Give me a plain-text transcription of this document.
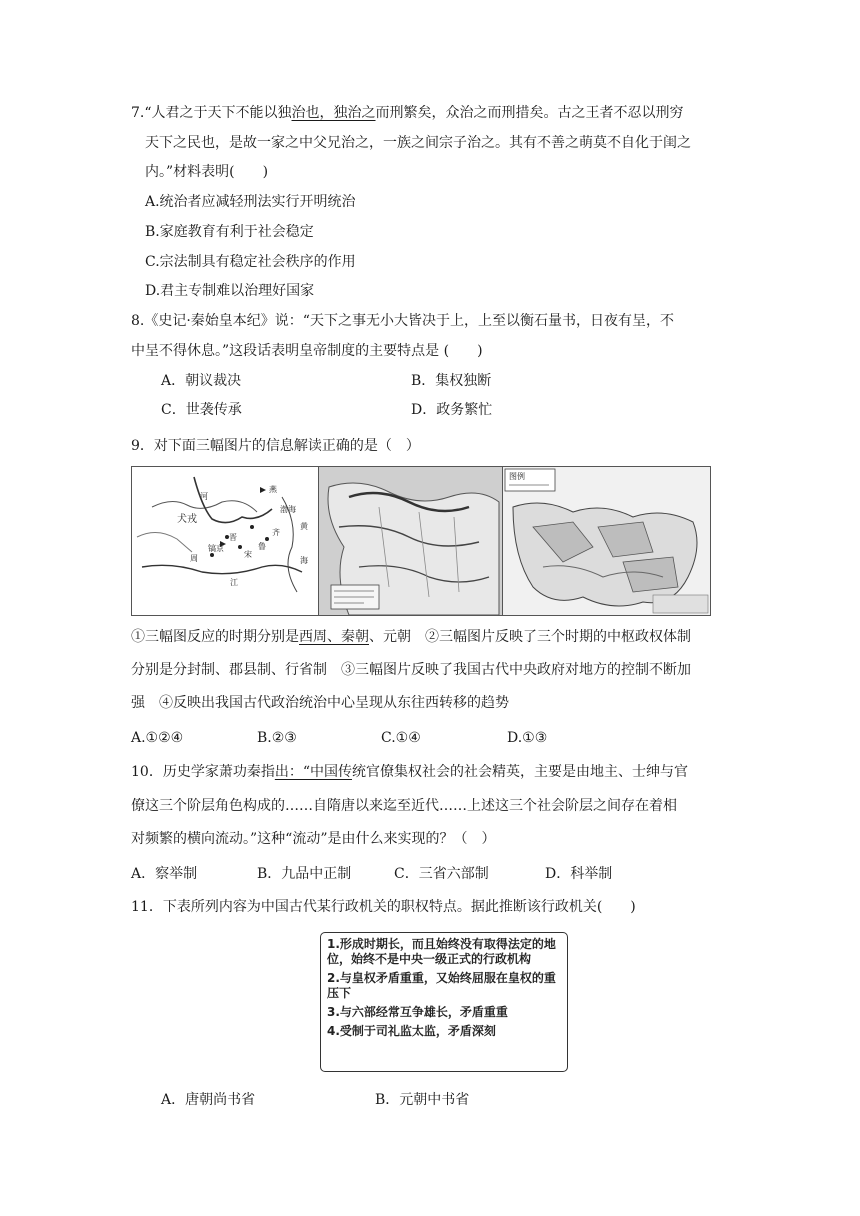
7.“人君之于天下不能以独治也，独治之而刑繁矣，众治之而刑措矣。古之王者不忍以刑穷
天下之民也，是故一家之中父兄治之，一族之间宗子治之。其有不善之萌莫不自化于闺之
内。”材料表明(　　)
A.统治者应减轻刑法实行开明统治
B.家庭教育有利于社会稳定
C.宗法制具有稳定社会秩序的作用
D.君主专制难以治理好国家
8.《史记·秦始皇本纪》说：“天下之事无小大皆决于上，上至以衡石量书，日夜有呈，不
中呈不得休息。”这段话表明皇帝制度的主要特点是 (　　)
A．朝议裁决	B．集权独断
C．世袭传承	D．政务繁忙
9．对下面三幅图片的信息解读正确的是（　）
燕
犬戎
晋
齐
鲁
宋
周
镐京
江
河
渤海
黄
海
图例
①三幅图反应的时期分别是西周、秦朝、元朝　②三幅图片反映了三个时期的中枢政权体制
分别是分封制、郡县制、行省制　③三幅图片反映了我国古代中央政府对地方的控制不断加
强　④反映出我国古代政治统治中心呈现从东往西转移的趋势
A.①②④	B.②③	C.①④	D.①③
10．历史学家萧功秦指出：“中国传统官僚集权社会的社会精英，主要是由地主、士绅与官
僚这三个阶层角色构成的……自隋唐以来迄至近代……上述这三个社会阶层之间存在着相
对频繁的横向流动。”这种“流动”是由什么来实现的？（　）
A．察举制	B．九品中正制	C．三省六部制	D．科举制
11．下表所列内容为中国古代某行政机关的职权特点。据此推断该行政机关(　　)

1.形成时期长，而且始终没有取得法定的地位，始终不是中央一级正式的行政机构

2.与皇权矛盾重重，又始终屈服在皇权的重压下

3.与六部经常互争雄长，矛盾重重

4.受制于司礼监太监，矛盾深刻

A．唐朝尚书省	B．元朝中书省
